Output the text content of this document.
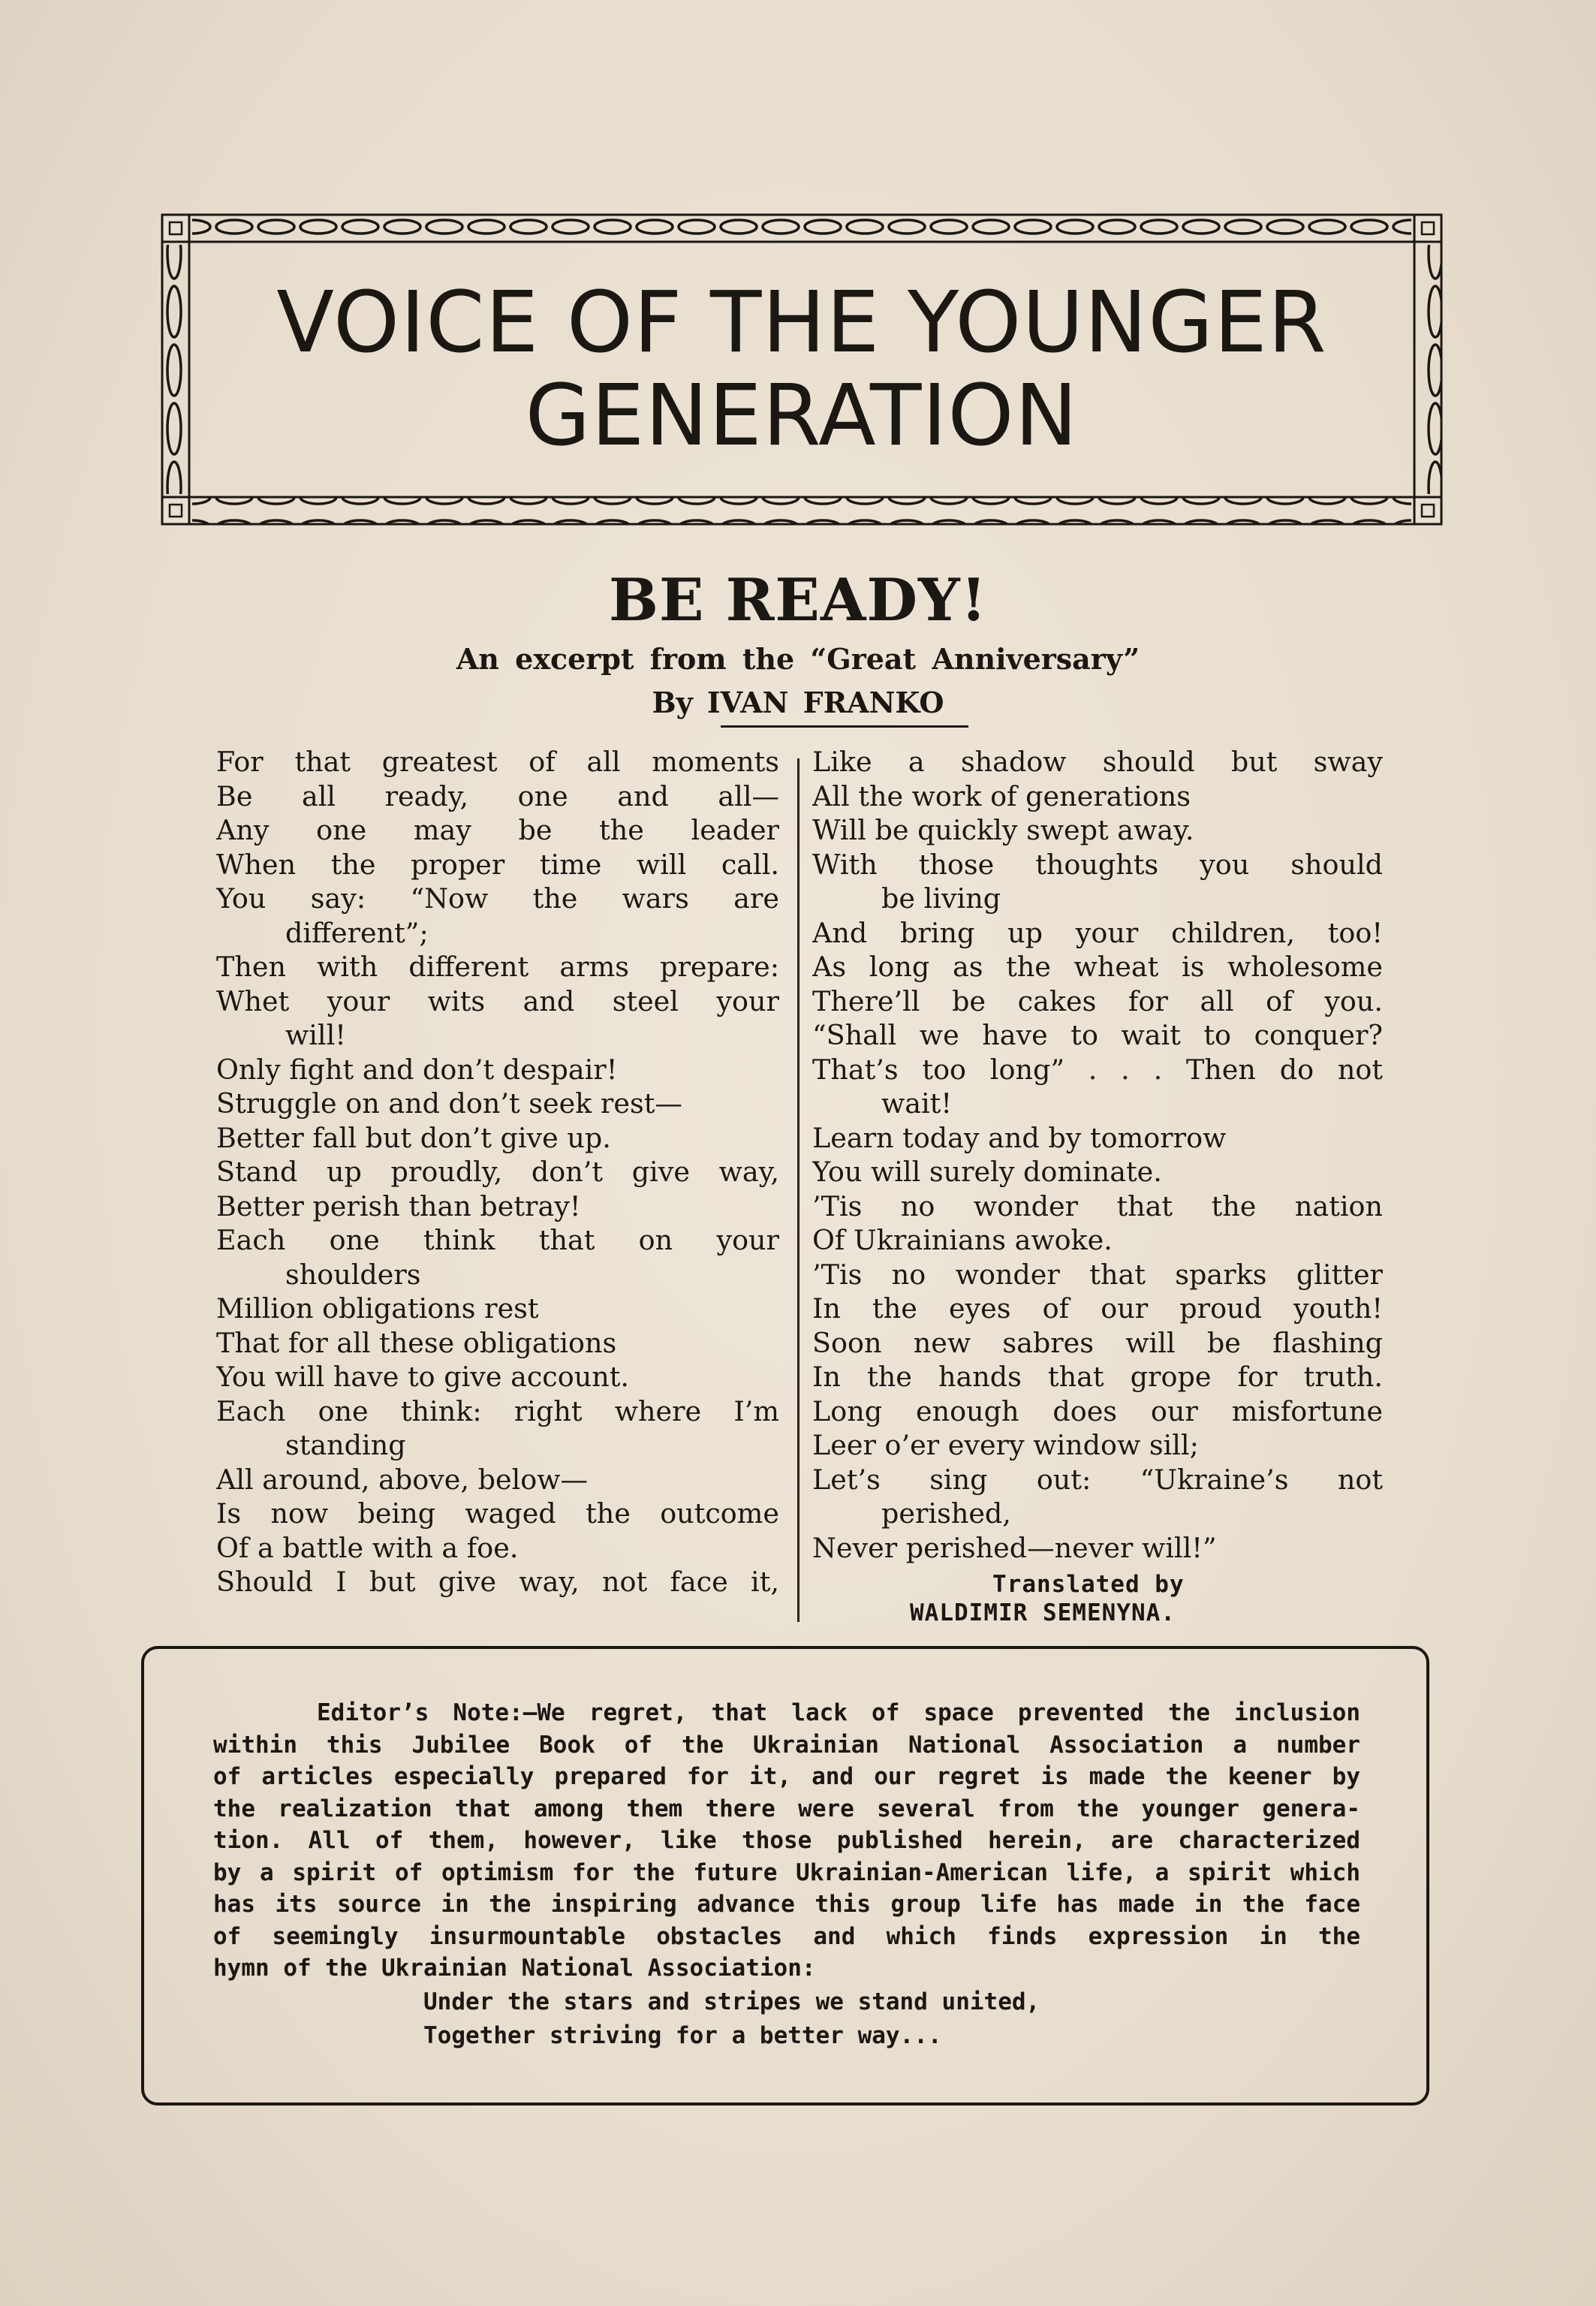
VOICE OF THE YOUNGER
GENERATION
BE READY!
An excerpt from the “Great Anniversary”
By IVAN FRANKO
For that greatest of all moments
Be all ready, one and all—
Any one may be the leader
When the proper time will call.
You say: “Now the wars are
different”;
Then with different arms prepare:
Whet your wits and steel your
will!
Only fight and don’t despair!
Struggle on and don’t seek rest—
Better fall but don’t give up.
Stand up proudly, don’t give way,
Better perish than betray!
Each one think that on your
shoulders
Million obligations rest
That for all these obligations
You will have to give account.
Each one think: right where I’m
standing
All around, above, below—
Is now being waged the outcome
Of a battle with a foe.
Should I but give way, not face it,
Like a shadow should but sway
All the work of generations
Will be quickly swept away.
With those thoughts you should
be living
And bring up your children, too!
As long as the wheat is wholesome
There’ll be cakes for all of you.
“Shall we have to wait to conquer?
That’s too long” . . . Then do not
wait!
Learn today and by tomorrow
You will surely dominate.
’Tis no wonder that the nation
Of Ukrainians awoke.
’Tis no wonder that sparks glitter
In the eyes of our proud youth!
Soon new sabres will be flashing
In the hands that grope for truth.
Long enough does our misfortune
Leer o’er every window sill;
Let’s sing out: “Ukraine’s not
perished,
Never perished—never will!”
Translated by
WALDIMIR SEMENYNA.
Editor’s Note:—We regret, that lack of space prevented the inclusion
within this Jubilee Book of the Ukrainian National Association a number
of articles especially prepared for it, and our regret is made the keener by
the realization that among them there were several from the younger genera-
tion. All of them, however, like those published herein, are characterized
by a spirit of optimism for the future Ukrainian-American life, a spirit which
has its source in the inspiring advance this group life has made in the face
of seemingly insurmountable obstacles and which finds expression in the
hymn of the Ukrainian National Association:
Under the stars and stripes we stand united,
Together striving for a better way...
